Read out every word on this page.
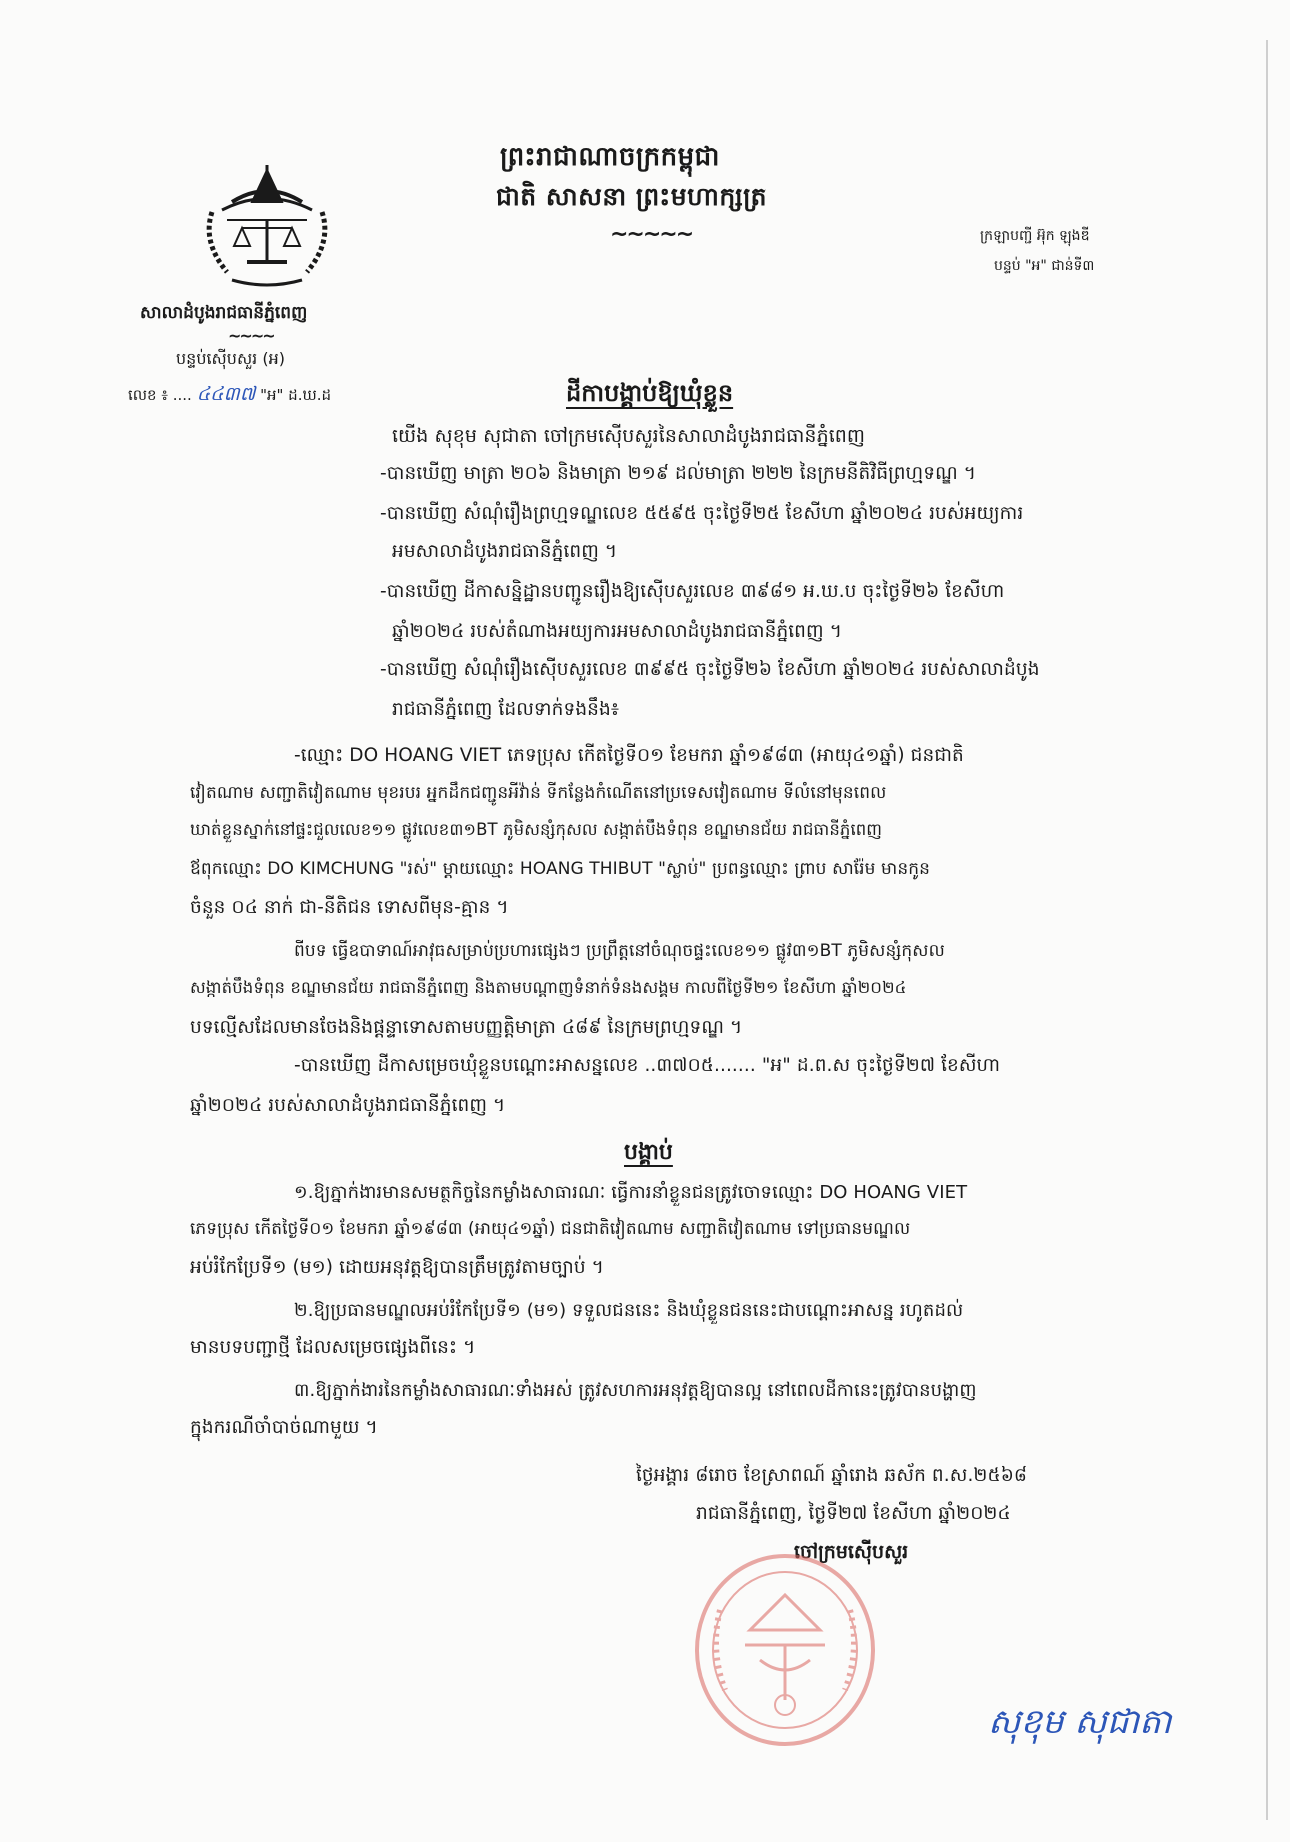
ព្រះរាជាណាចក្រកម្ពុជា
ជាតិ សាសនា ព្រះមហាក្សត្រ
~~~~~
សាលាដំបូងរាជធានីភ្នំពេញ
~~~~
បន្ទប់ស៊ើបសួរ (អ)
លេខ ៖ .... ៤៤៣៧ "អ" ដ.ឃ.ដ
ក្រឡាបញ្ជី អ៊ុក ឡុងឌី
បន្ទប់ "អ" ជាន់ទី៣
ដីកាបង្គាប់ឱ្យឃុំខ្លួន
យើង សុខុម សុជាតា ចៅក្រមស៊ើបសួរនៃសាលាដំបូងរាជធានីភ្នំពេញ
-បានឃើញ មាត្រា ២០៦ និងមាត្រា ២១៩ ដល់មាត្រា ២២២ នៃក្រមនីតិវិធីព្រហ្មទណ្ឌ ។
-បានឃើញ សំណុំរឿងព្រហ្មទណ្ឌលេខ ៥៥៩៥ ចុះថ្ងៃទី២៥ ខែសីហា ឆ្នាំ២០២៤ របស់អយ្យការ
អមសាលាដំបូងរាជធានីភ្នំពេញ ។
-បានឃើញ ដីកាសន្និដ្ឋានបញ្ជូនរឿងឱ្យស៊ើបសួរលេខ ៣៩៨១ អ.ឃ.ប ចុះថ្ងៃទី២៦ ខែសីហា
ឆ្នាំ២០២៤ របស់តំណាងអយ្យការអមសាលាដំបូងរាជធានីភ្នំពេញ ។
-បានឃើញ សំណុំរឿងស៊ើបសួរលេខ ៣៩៩៥ ចុះថ្ងៃទី២៦ ខែសីហា ឆ្នាំ២០២៤ របស់សាលាដំបូង
រាជធានីភ្នំពេញ ដែលទាក់ទងនឹង៖
-ឈ្មោះ DO HOANG VIET ភេទប្រុស កើតថ្ងៃទី០១ ខែមករា ឆ្នាំ១៩៨៣ (អាយុ៤១ឆ្នាំ) ជនជាតិ
វៀតណាម សញ្ជាតិវៀតណាម មុខរបរ អ្នកដឹកជញ្ជូនអីវ៉ាន់ ទីកន្លែងកំណើតនៅប្រទេសវៀតណាម ទីលំនៅមុនពេល
ឃាត់ខ្លួនស្នាក់នៅផ្ទះជួលលេខ១១ ផ្លូវលេខ៣១BT ភូមិសន្សំកុសល សង្កាត់បឹងទំពុន ខណ្ឌមានជ័យ រាជធានីភ្នំពេញ
ឪពុកឈ្មោះ DO KIMCHUNG "រស់" ម្ដាយឈ្មោះ HOANG THIBUT "ស្លាប់" ប្រពន្ធឈ្មោះ ព្រាប សារ៉ែម មានកូន
ចំនួន ០៤ នាក់ ជា-នីតិជន ទោសពីមុន-គ្មាន ។
ពីបទ ធ្វើឧបាទាណ៍អាវុធសម្រាប់ប្រហារផ្សេងៗ ប្រព្រឹត្តនៅចំណុចផ្ទះលេខ១១ ផ្លូវ៣១BT ភូមិសន្សំកុសល
សង្កាត់បឹងទំពុន ខណ្ឌមានជ័យ រាជធានីភ្នំពេញ និងតាមបណ្ដាញទំនាក់ទំនងសង្គម កាលពីថ្ងៃទី២១ ខែសីហា ឆ្នាំ២០២៤
បទល្មើសដែលមានចែងនិងផ្ដន្ទាទោសតាមបញ្ញត្តិមាត្រា ៤៨៩ នៃក្រមព្រហ្មទណ្ឌ ។
-បានឃើញ ដីកាសម្រេចឃុំខ្លួនបណ្ដោះអាសន្នលេខ ..៣៧០៥....... "អ" ដ.ព.ស ចុះថ្ងៃទី២៧ ខែសីហា
ឆ្នាំ២០២៤ របស់សាលាដំបូងរាជធានីភ្នំពេញ ។
បង្គាប់
១.ឱ្យភ្នាក់ងារមានសមត្ថកិច្ចនៃកម្លាំងសាធារណៈ ធ្វើការនាំខ្លួនជនត្រូវចោទឈ្មោះ DO HOANG VIET
ភេទប្រុស កើតថ្ងៃទី០១ ខែមករា ឆ្នាំ១៩៨៣ (អាយុ៤១ឆ្នាំ) ជនជាតិវៀតណាម សញ្ជាតិវៀតណាម ទៅប្រធានមណ្ឌល
អប់រំកែប្រែទី១ (ម១) ដោយអនុវត្តឱ្យបានត្រឹមត្រូវតាមច្បាប់ ។
២.ឱ្យប្រធានមណ្ឌលអប់រំកែប្រែទី១ (ម១) ទទួលជននេះ និងឃុំខ្លួនជននេះជាបណ្ដោះអាសន្ន រហូតដល់
មានបទបញ្ជាថ្មី ដែលសម្រេចផ្សេងពីនេះ ។
៣.ឱ្យភ្នាក់ងារនៃកម្លាំងសាធារណៈទាំងអស់ ត្រូវសហការអនុវត្តឱ្យបានល្អ នៅពេលដីកានេះត្រូវបានបង្ហាញ
ក្នុងករណីចាំបាច់ណាមួយ ។
ថ្ងៃអង្គារ ៨រោច ខែស្រាពណ៍ ឆ្នាំរោង ឆស័ក ព.ស.២៥៦៨
រាជធានីភ្នំពេញ, ថ្ងៃទី២៧ ខែសីហា ឆ្នាំ២០២៤
ចៅក្រមស៊ើបសួរ
សុខុម សុជាតា
